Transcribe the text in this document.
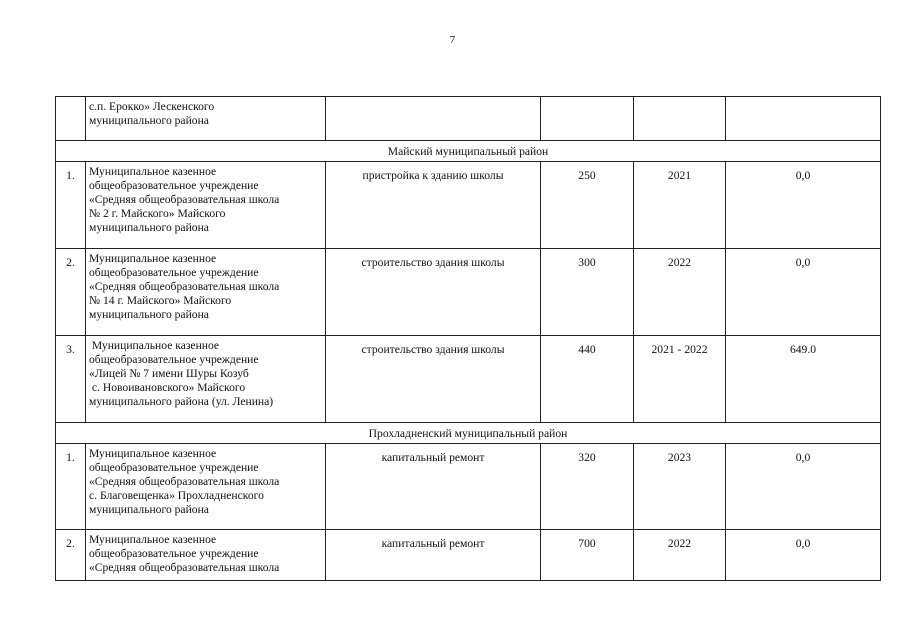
7

	с.п. Ерокко» Лескенского
муниципального района				

Майский муниципальный район					
1.	Муниципальное казенное
общеобразовательное учреждение
«Средняя общеобразовательная школа
№ 2 г. Майского» Майского
муниципального района	пристройка к зданию школы	250	2021	0,0
2.	Муниципальное казенное
общеобразовательное учреждение
«Средняя общеобразовательная школа
№ 14 г. Майского» Майского
муниципального района	строительство здания школы	300	2022	0,0
3.	Муниципальное казенное
общеобразовательное учреждение
«Лицей № 7 имени Шуры Козуб
с. Новоивановского» Майского
муниципального района (ул. Ленина)	строительство здания школы	440	2021 - 2022	649.0
Прохладненский муниципальный район					
1.	Муниципальное казенное
общеобразовательное учреждение
«Средняя общеобразовательная школа
с. Благовещенка» Прохладненского
муниципального района	капитальный ремонт	320	2023	0,0
2.	Муниципальное казенное
общеобразовательное учреждение
«Средняя общеобразовательная школа	капитальный ремонт	700	2022	0,0
